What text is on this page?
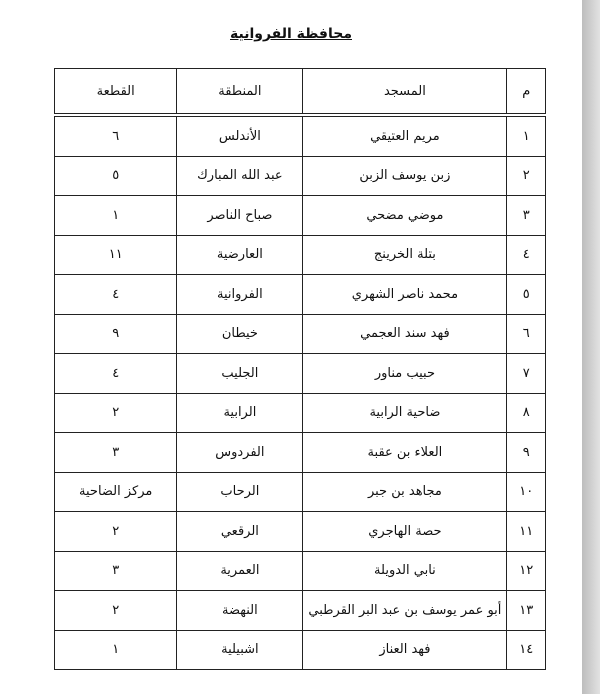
محافظة الفروانية
م	المسجد	المنطقة	القطعة
١	مريم العتيقي	الأندلس	٦
٢	زبن يوسف الزبن	عبد الله المبارك	٥
٣	موضي مضحي	صباح الناصر	١
٤	بتلة الخرينج	العارضية	١١
٥	محمد ناصر الشهري	الفروانية	٤
٦	فهد سند العجمي	خيطان	٩
٧	حبيب مناور	الجليب	٤
٨	ضاحية الرابية	الرابية	٢
٩	العلاء بن عقبة	الفردوس	٣
١٠	مجاهد بن جبر	الرحاب	مركز الضاحية
١١	حصة الهاجري	الرقعي	٢
١٢	نابي الدويلة	العمرية	٣
١٣	أبو عمر يوسف بن عبد البر القرطبي	النهضة	٢
١٤	فهد العناز	اشبيلية	١
